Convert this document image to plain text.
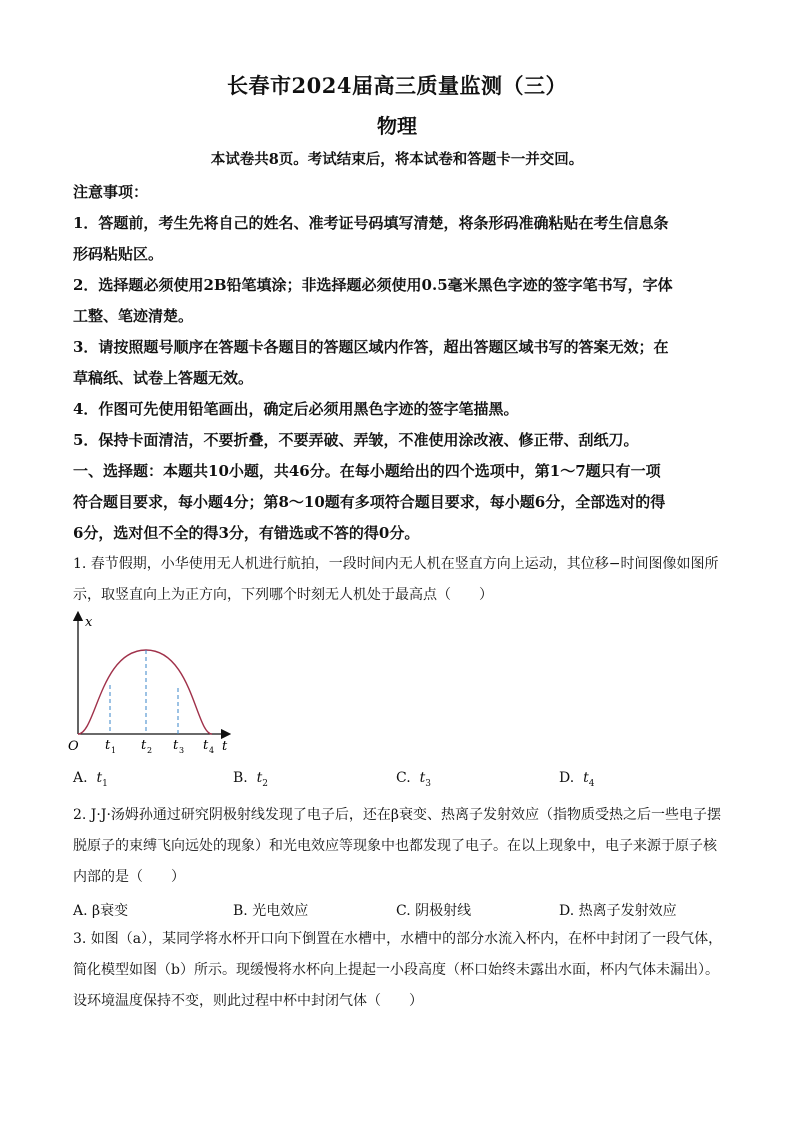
长春市2024届高三质量监测（三）
物理
本试卷共8页。考试结束后，将本试卷和答题卡一并交回。
注意事项：
1．答题前，考生先将自己的姓名、准考证号码填写清楚，将条形码准确粘贴在考生信息条
形码粘贴区。
2．选择题必须使用2B铅笔填涂；非选择题必须使用0.5毫米黑色字迹的签字笔书写，字体
工整、笔迹清楚。
3．请按照题号顺序在答题卡各题目的答题区域内作答，超出答题区域书写的答案无效；在
草稿纸、试卷上答题无效。
4．作图可先使用铅笔画出，确定后必须用黑色字迹的签字笔描黑。
5．保持卡面清洁，不要折叠，不要弄破、弄皱，不准使用涂改液、修正带、刮纸刀。
一、选择题：本题共10小题，共46分。在每小题给出的四个选项中，第1～7题只有一项
符合题目要求，每小题4分；第8～10题有多项符合题目要求，每小题6分，全部选对的得
6分，选对但不全的得3分，有错选或不答的得0分。
1. 春节假期，小华使用无人机进行航拍，一段时间内无人机在竖直方向上运动，其位移−时间图像如图所
示，取竖直向上为正方向，下列哪个时刻无人机处于最高点（　　）
x
t
O t 1 t 2 t 3 t 4
A. $t_1$	B. $t_2$	C. $t_3$	D. $t_4$
2. J·J·汤姆孙通过研究阴极射线发现了电子后，还在β衰变、热离子发射效应（指物质受热之后一些电子摆
脱原子的束缚飞向远处的现象）和光电效应等现象中也都发现了电子。在以上现象中，电子来源于原子核
内部的是（　　）
A. β衰变	B. 光电效应	C. 阴极射线	D. 热离子发射效应
3. 如图（a），某同学将水杯开口向下倒置在水槽中，水槽中的部分水流入杯内，在杯中封闭了一段气体，
简化模型如图（b）所示。现缓慢将水杯向上提起一小段高度（杯口始终未露出水面，杯内气体未漏出）。
设环境温度保持不变，则此过程中杯中封闭气体（　　）
